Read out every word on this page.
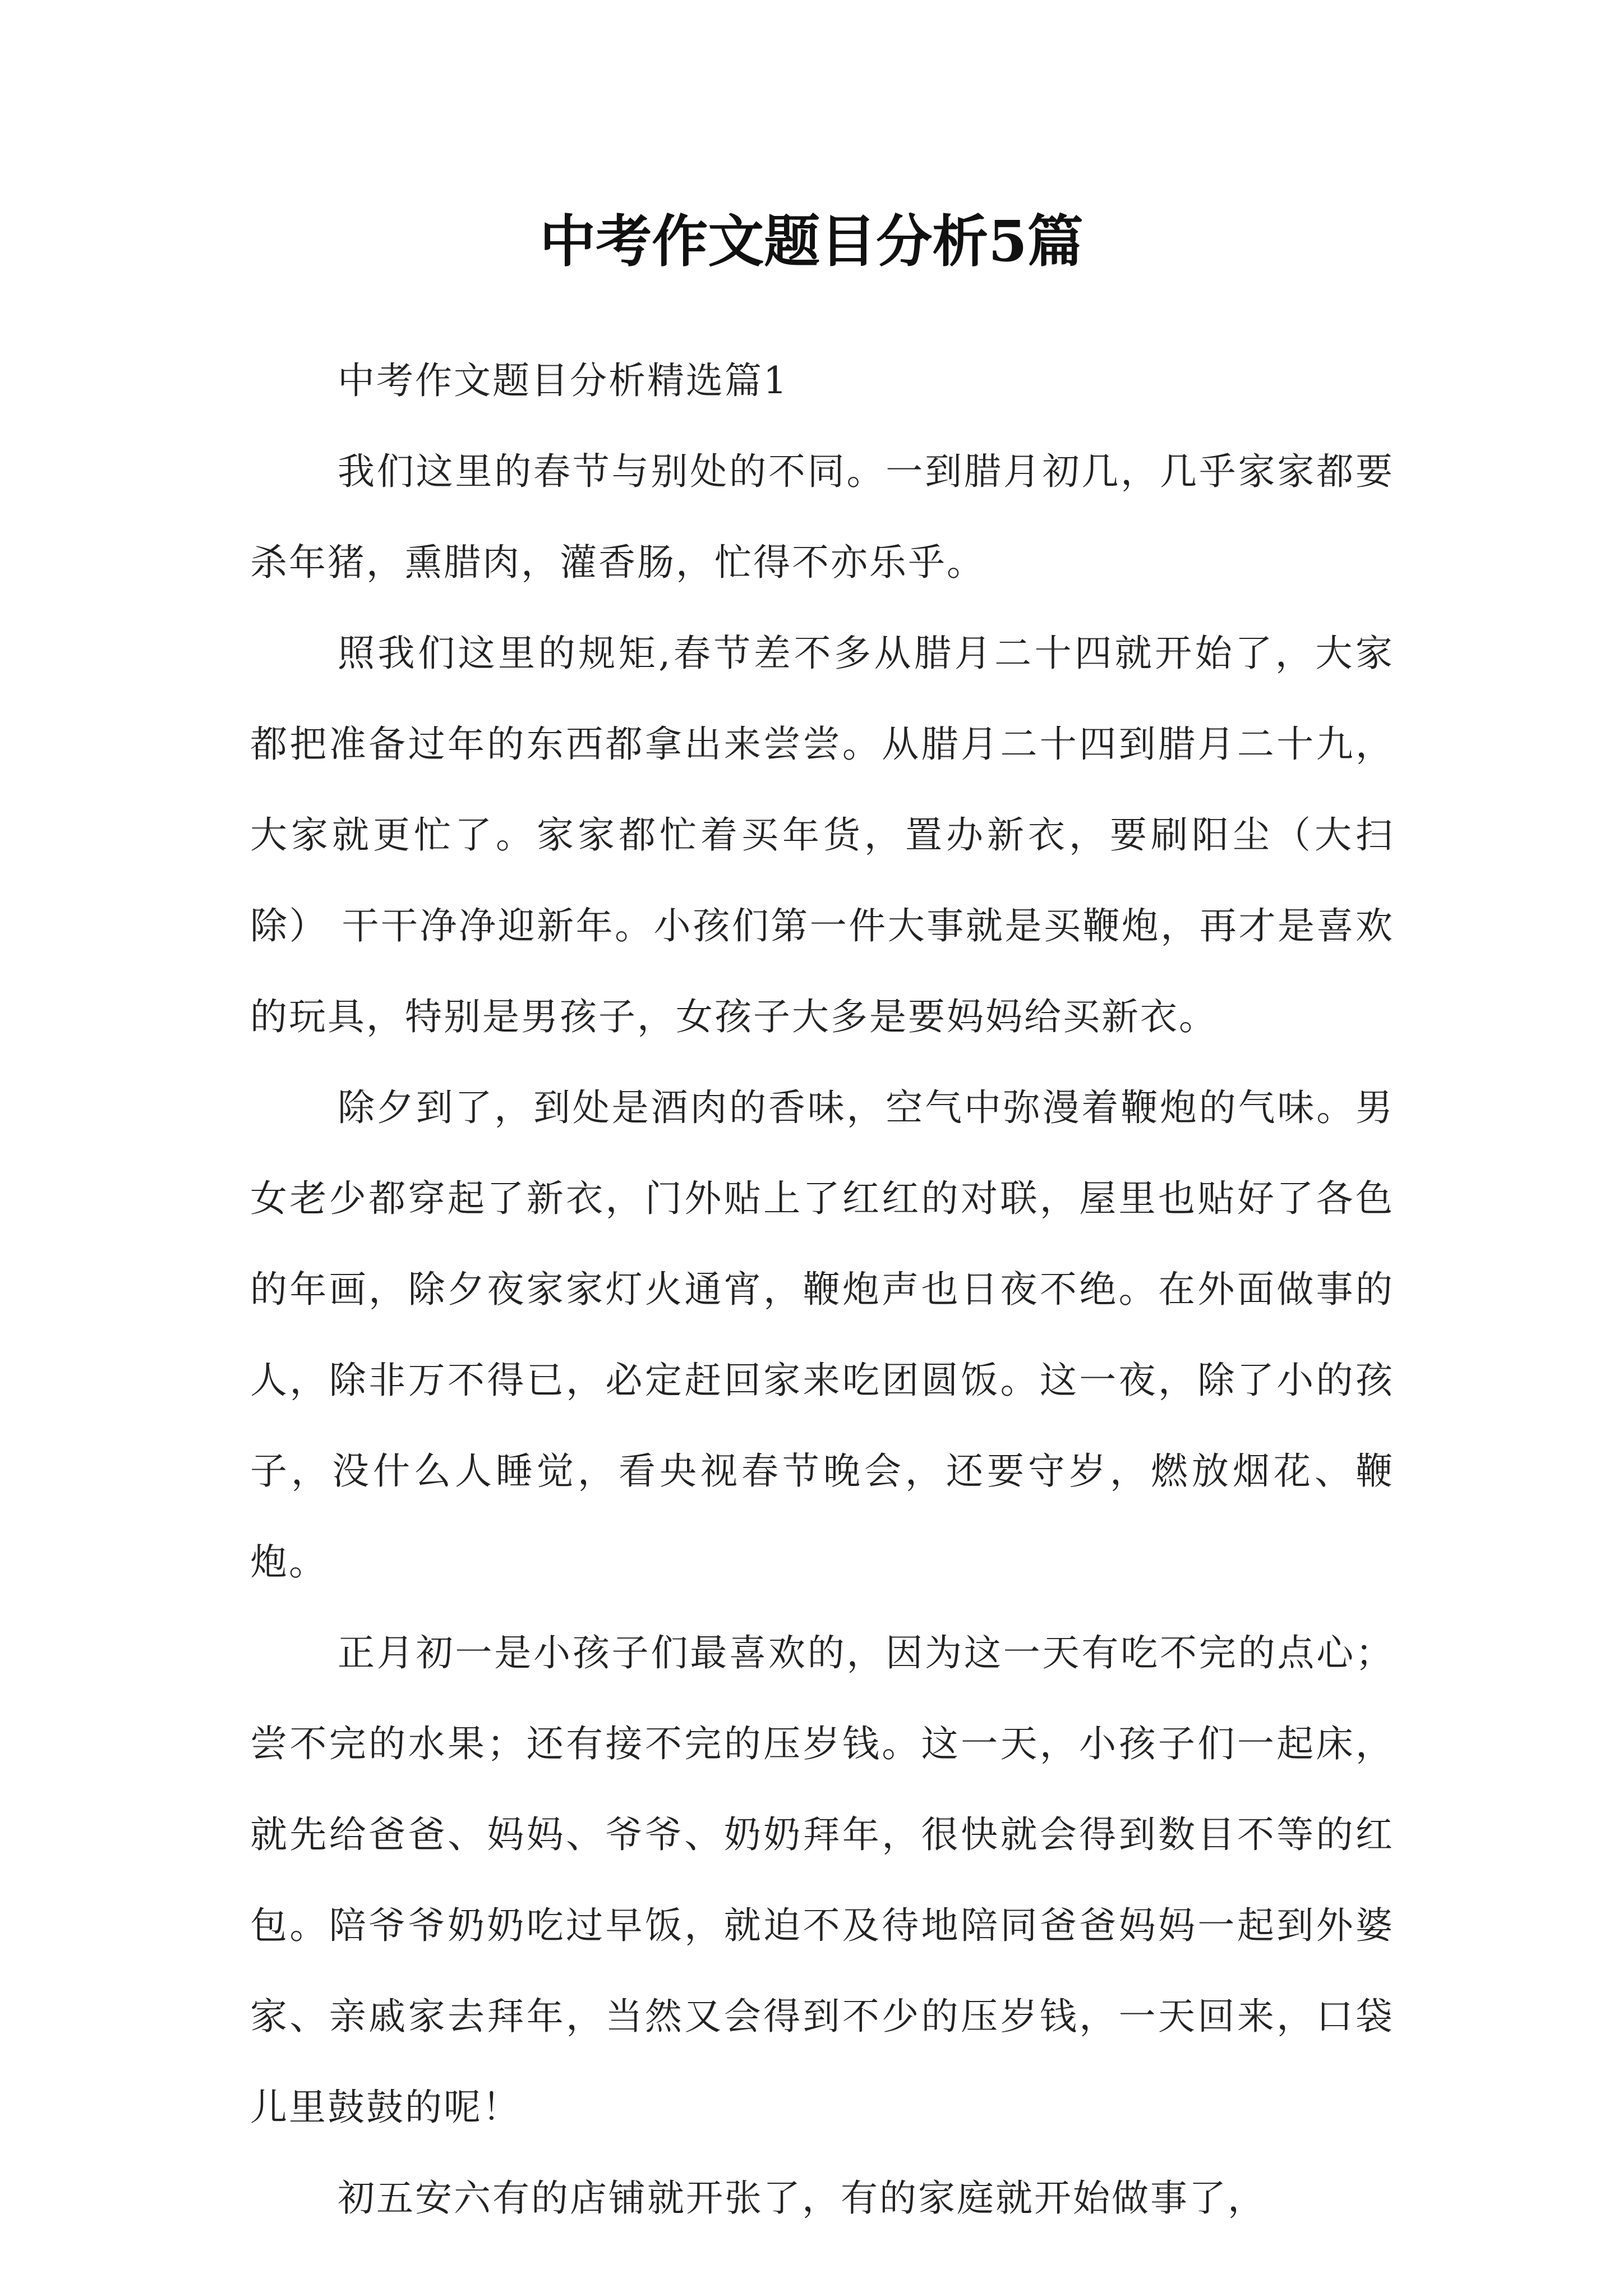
中考作文题目分析5篇

中考作文题目分析精选篇1

我们这里的春节与别处的不同。一到腊月初几，几乎家家都要杀年猪，熏腊肉，灌香肠，忙得不亦乐乎。

照我们这里的规矩,春节差不多从腊月二十四就开始了，大家都把准备过年的东西都拿出来尝尝。从腊月二十四到腊月二十九，大家就更忙了。家家都忙着买年货，置办新衣，要刷阳尘（大扫除） 干干净净迎新年。小孩们第一件大事就是买鞭炮，再才是喜欢的玩具，特别是男孩子，女孩子大多是要妈妈给买新衣。

除夕到了，到处是酒肉的香味，空气中弥漫着鞭炮的气味。男女老少都穿起了新衣，门外贴上了红红的对联，屋里也贴好了各色的年画，除夕夜家家灯火通宵，鞭炮声也日夜不绝。在外面做事的人，除非万不得已，必定赶回家来吃团圆饭。这一夜，除了小的孩子，没什么人睡觉，看央视春节晚会，还要守岁，燃放烟花、鞭炮。

正月初一是小孩子们最喜欢的，因为这一天有吃不完的点心；尝不完的水果；还有接不完的压岁钱。这一天，小孩子们一起床，就先给爸爸、妈妈、爷爷、奶奶拜年，很快就会得到数目不等的红包。陪爷爷奶奶吃过早饭，就迫不及待地陪同爸爸妈妈一起到外婆家、亲戚家去拜年，当然又会得到不少的压岁钱，一天回来，口袋儿里鼓鼓的呢！

初五安六有的店铺就开张了，有的家庭就开始做事了，
